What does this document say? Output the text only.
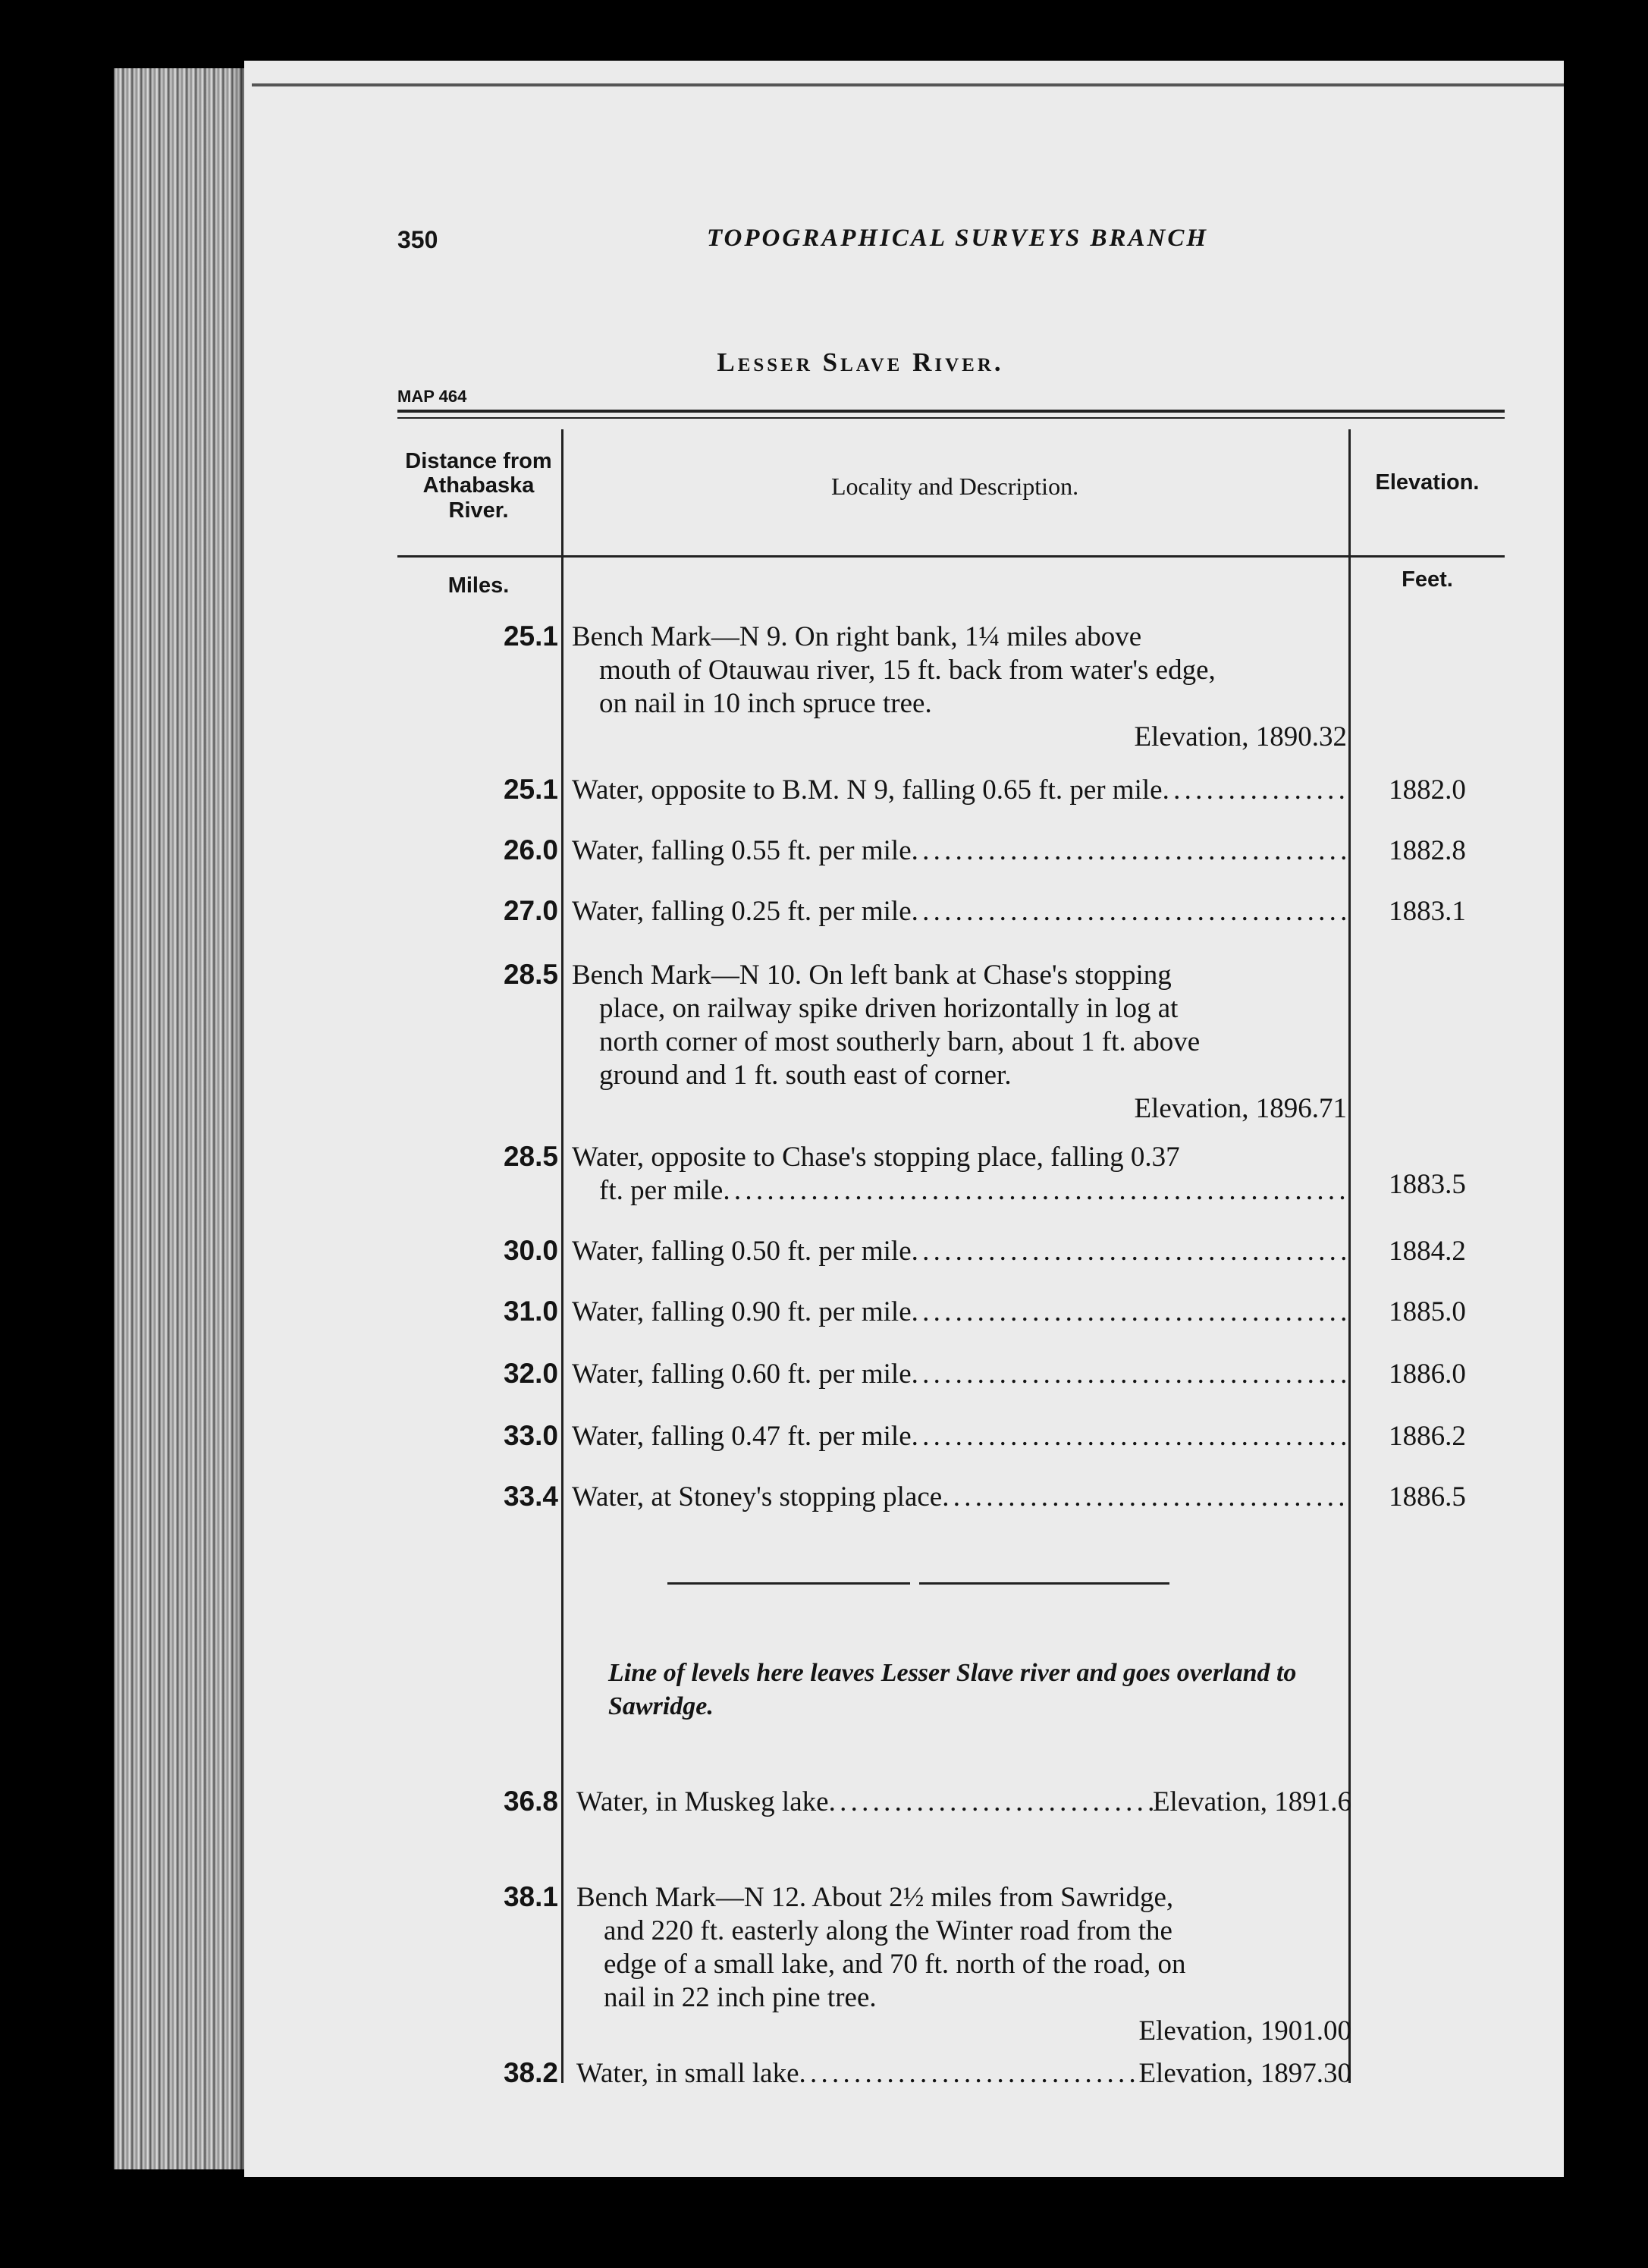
350	TOPOGRAPHICAL SURVEYS BRANCH
Lesser Slave River.
MAP 464
Distance from Athabaska River.
Locality and Description.	Elevation.
Miles.	Feet.
25.1 Bench Mark—N 9. On right bank, 1¼ miles above
mouth of Otauwau river, 15 ft. back from water's edge,
on nail in 10 inch spruce tree.
Elevation, 1890.32
25.1 Water, opposite to B.M. N 9, falling 0.65 ft. per mile . . .	1882.0
26.0 Water, falling 0.55 ft. per mile . . .	1882.8
27.0 Water, falling 0.25 ft. per mile . . .	1883.1
28.5 Bench Mark—N 10. On left bank at Chase's stopping
place, on railway spike driven horizontally in log at
north corner of most southerly barn, about 1 ft. above
ground and 1 ft. south east of corner.
Elevation, 1896.71
28.5 Water, opposite to Chase's stopping place, falling 0.37
ft. per mile . . .	1883.5
30.0 Water, falling 0.50 ft. per mile . . .	1884.2
31.0 Water, falling 0.90 ft. per mile . . .	1885.0
32.0 Water, falling 0.60 ft. per mile . . .	1886.0
33.0 Water, falling 0.47 ft. per mile . . .	1886.2
33.4 Water, at Stoney's stopping place . . .	1886.5
Line of levels here leaves Lesser Slave river and goes overland to Sawridge.
36.8 Water, in Muskeg lake . . .	Elevation, 1891.6
38.1 Bench Mark—N 12. About 2½ miles from Sawridge,
and 220 ft. easterly along the Winter road from the
edge of a small lake, and 70 ft. north of the road, on
nail in 22 inch pine tree.
Elevation, 1901.00
38.2 Water, in small lake . . .	Elevation, 1897.30
